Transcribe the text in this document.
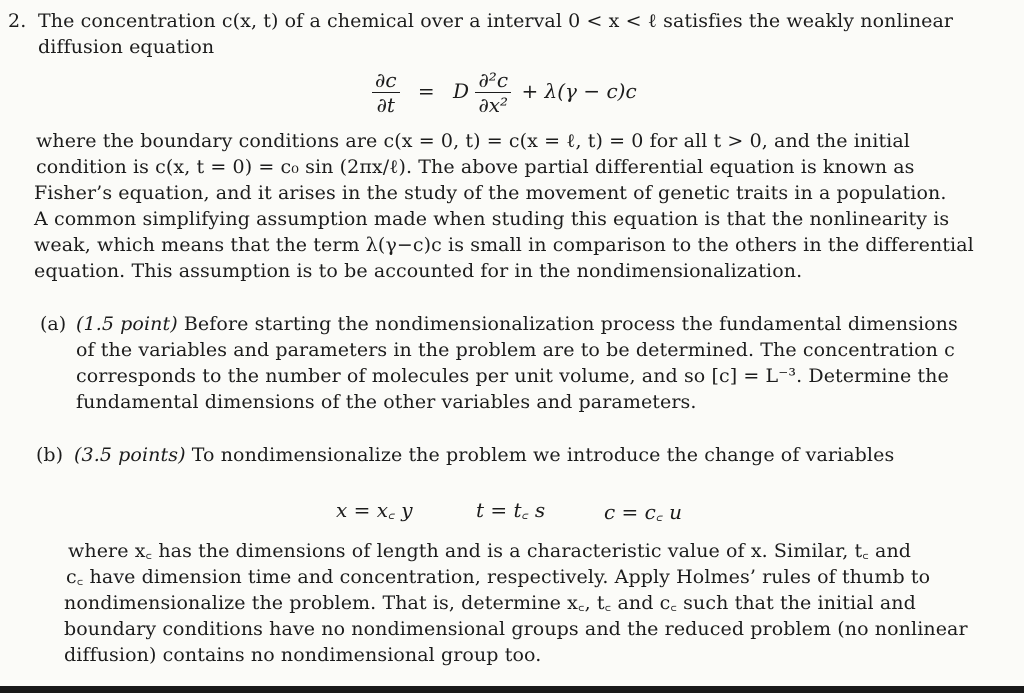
2. The concentration c(x, t) of a chemical over a interval 0 < x < ℓ satisfies the weakly nonlinear
diffusion equation
$\frac{\partial c}{\partial t} = D \frac{\text{∂²c}}{\text{∂x²}} + \lambda(\gamma - c)c$
where the boundary conditions are c(x = 0, t) = c(x = ℓ, t) = 0 for all t > 0, and the initial
condition is c(x, t = 0) = c₀ sin (2πx/ℓ). The above partial differential equation is known as
Fisher’s equation, and it arises in the study of the movement of genetic traits in a population.
A common simplifying assumption made when studing this equation is that the nonlinearity is
weak, which means that the term λ(γ−c)c is small in comparison to the others in the differential
equation. This assumption is to be accounted for in the nondimensionalization.
(a) (1.5 point) Before starting the nondimensionalization process the fundamental dimensions
of the variables and parameters in the problem are to be determined. The concentration c
corresponds to the number of molecules per unit volume, and so [c] = L⁻³. Determine the
fundamental dimensions of the other variables and parameters.
(b) (3.5 points) To nondimensionalize the problem we introduce the change of variables
x = x꜀ y	t = t꜀ s	c = c꜀ u
where x꜀ has the dimensions of length and is a characteristic value of x. Similar, t꜀ and
c꜀ have dimension time and concentration, respectively. Apply Holmes’ rules of thumb to
nondimensionalize the problem. That is, determine x꜀, t꜀ and c꜀ such that the initial and
boundary conditions have no nondimensional groups and the reduced problem (no nonlinear
diffusion) contains no nondimensional group too.
